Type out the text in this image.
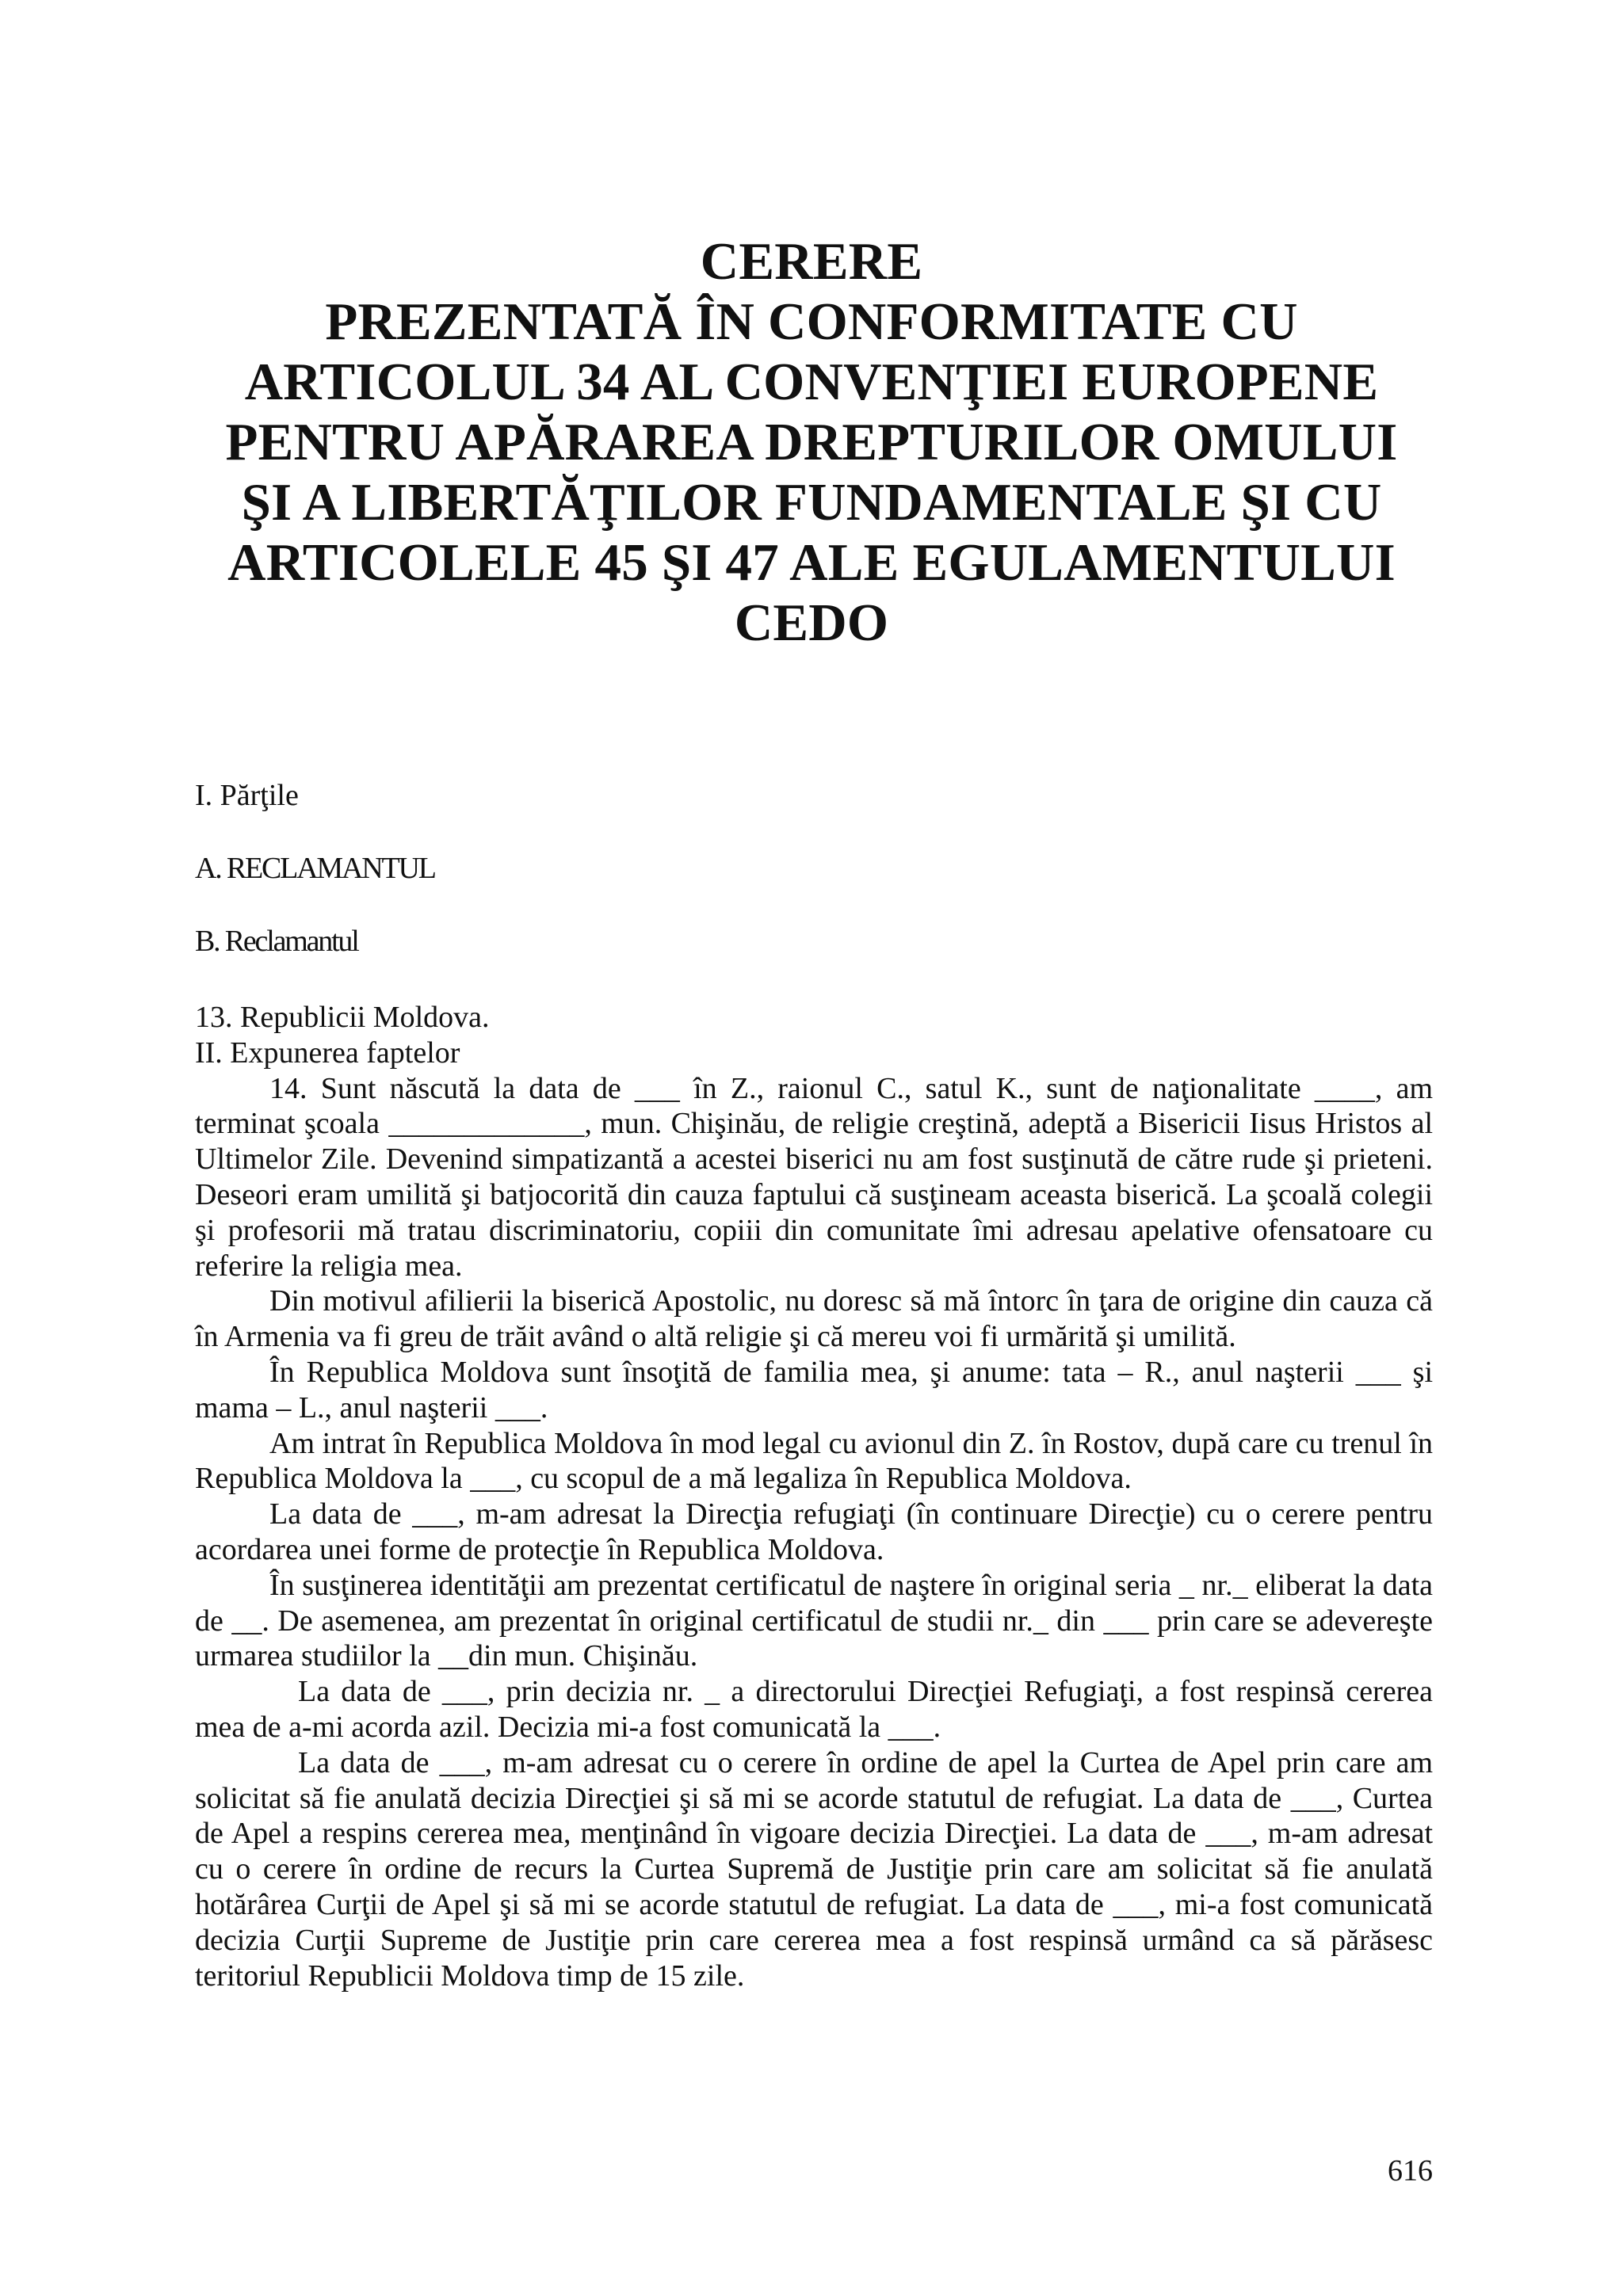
CERERE
PREZENTATĂ ÎN CONFORMITATE CU
ARTICOLUL 34 AL CONVENŢIEI EUROPENE
PENTRU APĂRAREA DREPTURILOR OMULUI
ŞI A LIBERTĂŢILOR FUNDAMENTALE ŞI CU
ARTICOLELE 45 ŞI 47 ALE EGULAMENTULUI
CEDO
I. Părţile
A. RECLAMANTUL
B. Reclamantul
13. Republicii Moldova.
II. Expunerea faptelor

14. Sunt născută la data de ___ în Z., raionul C., satul K., sunt de naţionalitate ____, am terminat şcoala _____________, mun. Chişinău, de religie creştină, adeptă a Bisericii Iisus Hristos al Ultimelor Zile. Devenind simpatizantă a acestei biserici nu am fost susţinută de către rude şi prieteni. Deseori eram umilită şi batjocorită din cauza faptului că susţineam aceasta biserică. La şcoală colegii şi profesorii mă tratau discriminatoriu, copiii din comunitate îmi adresau apelative ofensatoare cu referire la religia mea.

Din motivul afilierii la biserică Apostolic, nu doresc să mă întorc în ţara de origine din cauza că în Armenia va fi greu de trăit având o altă religie şi că mereu voi fi urmărită şi umilită.

În Republica Moldova sunt însoţită de familia mea, şi anume: tata – R., anul naşterii ___ şi mama – L., anul naşterii ___.

Am intrat în Republica Moldova în mod legal cu avionul din Z. în Rostov, după care cu trenul în Republica Moldova la ___, cu scopul de a mă legaliza în Republica Moldova.

La data de ___, m-am adresat la Direcţia refugiaţi (în continuare Direcţie) cu o cerere pentru acordarea unei forme de protecţie în Republica Moldova.

În susţinerea identităţii am prezentat certificatul de naştere în original seria _ nr._ eliberat la data de __. De asemenea, am prezentat în original certificatul de studii nr._ din ___ prin care se adevereşte urmarea studiilor la __din mun. Chişinău.

La data de ___, prin decizia nr. _ a directorului Direcţiei Refugiaţi, a fost respinsă cererea mea de a-mi acorda azil. Decizia mi-a fost comunicată la ___.

La data de ___, m-am adresat cu o cerere în ordine de apel la Curtea de Apel prin care am solicitat să fie anulată decizia Direcţiei şi să mi se acorde statutul de refugiat. La data de ___, Curtea de Apel a respins cererea mea, menţinând în vigoare decizia Direcţiei. La data de ___, m-am adresat cu o cerere în ordine de recurs la Curtea Supremă de Justiţie prin care am solicitat să fie anulată hotărârea Curţii de Apel şi să mi se acorde statutul de refugiat. La data de ___, mi-a fost comunicată decizia Curţii Supreme de Justiţie prin care cererea mea a fost respinsă urmând ca să părăsesc teritoriul Republicii Moldova timp de 15 zile.

616
